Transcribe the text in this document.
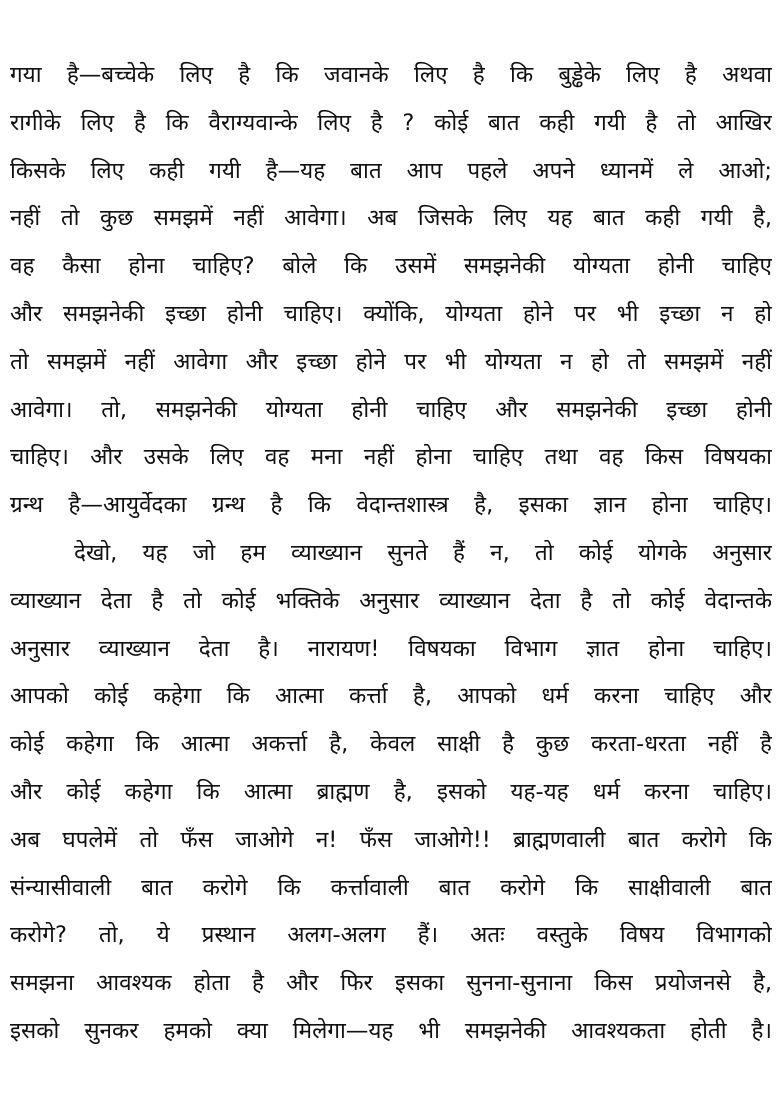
गया है—बच्चेके लिए है कि जवानके लिए है कि बुड्ढेके लिए है अथवा
रागीके लिए है कि वैराग्यवान्के लिए है ? कोई बात कही गयी है तो आखिर
किसके लिए कही गयी है—यह बात आप पहले अपने ध्यानमें ले आओ;
नहीं तो कुछ समझमें नहीं आवेगा। अब जिसके लिए यह बात कही गयी है,
वह कैसा होना चाहिए? बोले कि उसमें समझनेकी योग्यता होनी चाहिए
और समझनेकी इच्छा होनी चाहिए। क्योंकि, योग्यता होने पर भी इच्छा न हो
तो समझमें नहीं आवेगा और इच्छा होने पर भी योग्यता न हो तो समझमें नहीं
आवेगा। तो, समझनेकी योग्यता होनी चाहिए और समझनेकी इच्छा होनी
चाहिए। और उसके लिए वह मना नहीं होना चाहिए तथा वह किस विषयका
ग्रन्थ है—आयुर्वेदका ग्रन्थ है कि वेदान्तशास्त्र है, इसका ज्ञान होना चाहिए।
देखो, यह जो हम व्याख्यान सुनते हैं न, तो कोई योगके अनुसार
व्याख्यान देता है तो कोई भक्तिके अनुसार व्याख्यान देता है तो कोई वेदान्तके
अनुसार व्याख्यान देता है। नारायण! विषयका विभाग ज्ञात होना चाहिए।
आपको कोई कहेगा कि आत्मा कर्त्ता है, आपको धर्म करना चाहिए और
कोई कहेगा कि आत्मा अकर्त्ता है, केवल साक्षी है कुछ करता-धरता नहीं है
और कोई कहेगा कि आत्मा ब्राह्मण है, इसको यह-यह धर्म करना चाहिए।
अब घपलेमें तो फँस जाओगे न! फँस जाओगे!! ब्राह्मणवाली बात करोगे कि
संन्यासीवाली बात करोगे कि कर्त्तावाली बात करोगे कि साक्षीवाली बात
करोगे? तो, ये प्रस्थान अलग-अलग हैं। अतः वस्तुके विषय विभागको
समझना आवश्यक होता है और फिर इसका सुनना-सुनाना किस प्रयोजनसे है,
इसको सुनकर हमको क्या मिलेगा—यह भी समझनेकी आवश्यकता होती है।
